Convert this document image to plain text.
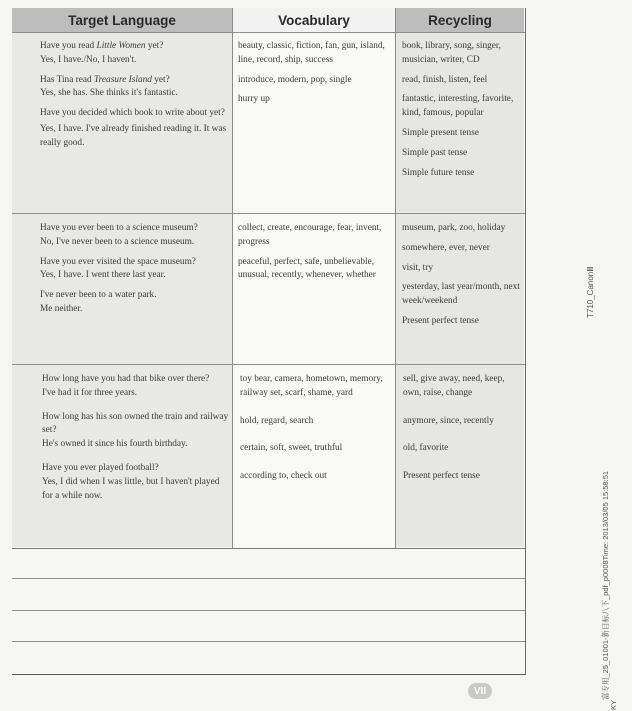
Target Language	Vocabulary	Recycling

Have you read Little Women yet?

Yes, I have./No, I haven't.

Has Tina read Treasure Island yet?

Yes, she has. She thinks it's fantastic.

Have you decided which book to write about yet?

Yes, I have. I've already finished reading it. It was really good.

beauty, classic, fiction, fan, gun, island, line, record, ship, success

introduce, modern, pop, single

hurry up

book, library, song, singer, musician, writer, CD

read, finish, listen, feel

fantastic, interesting, favorite, kind, famous, popular

Simple present tense

Simple past tense

Simple future tense

Have you ever been to a science museum?

No, I've never been to a science museum.

Have you ever visited the space museum?

Yes, I have. I went there last year.

I've never been to a water park.

Me neither.

collect, create, encourage, fear, invent, progress

peaceful, perfect, safe, unbelievable, unusual, recently, whenever, whether

museum, park, zoo, holiday

somewhere, ever, never

visit, try

yesterday, last year/month, next week/weekend

Present perfect tense

How long have you had that bike over there?

I've had it for three years.

How long has his son owned the train and railway set?

He's owned it since his fourth birthday.

Have you ever played football?

Yes, I did when I was little, but I haven't played for a while now.

toy bear, camera, hometown, memory, railway set, scarf, shame, yard

hold, regard, search

certain, soft, sweet, truthful

according to, check out

sell, give away, need, keep, own, raise, change

anymore, since, recently

old, favorite

Present perfect tense

T710_CanonⅢ
富专用_25_01001-新目标八下_pdf_p0008Time: 2013/03/05 15:58:51
KY
VII
